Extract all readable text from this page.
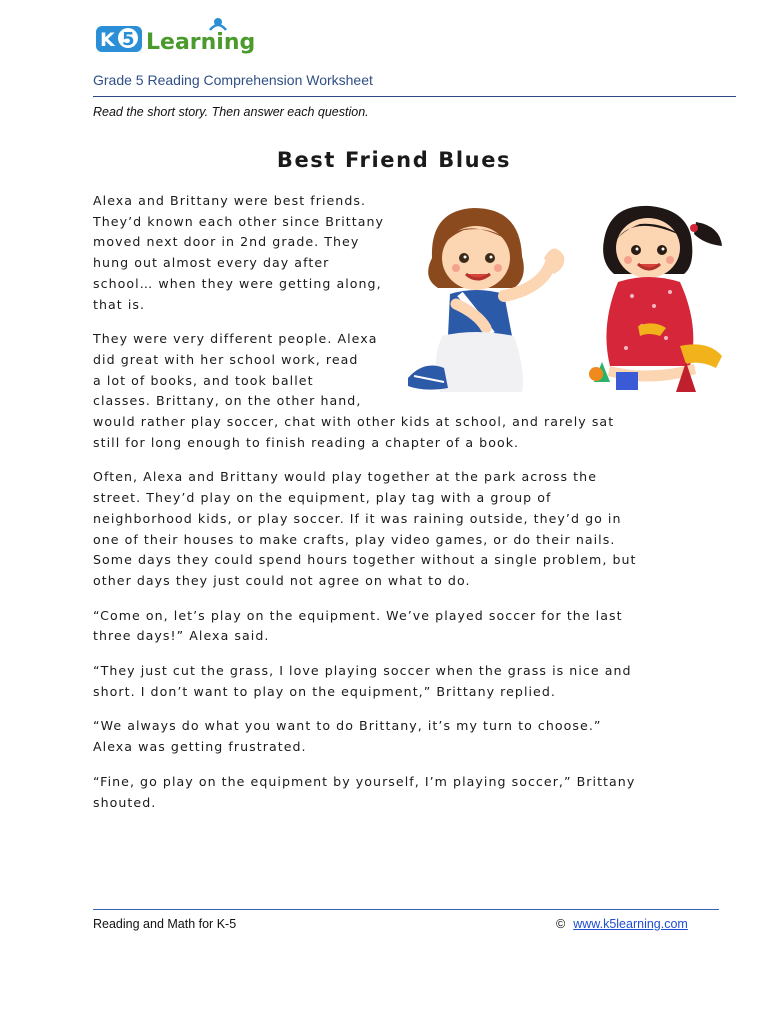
K 5 Learning
Grade 5 Reading Comprehension Worksheet
Read the short story. Then answer each question.
Best Friend Blues

Alexa and Brittany were best friends.
They’d known each other since Brittany
moved next door in 2nd grade. They
hung out almost every day after
school… when they were getting along,
that is.

They were very different people. Alexa
did great with her school work, read
a lot of books, and took ballet
classes. Brittany, on the other hand,
would rather play soccer, chat with other kids at school, and rarely sat
still for long enough to finish reading a chapter of a book.

Often, Alexa and Brittany would play together at the park across the
street. They’d play on the equipment, play tag with a group of
neighborhood kids, or play soccer. If it was raining outside, they’d go in
one of their houses to make crafts, play video games, or do their nails.
Some days they could spend hours together without a single problem, but
other days they just could not agree on what to do.

“Come on, let’s play on the equipment. We’ve played soccer for the last
three days!” Alexa said.

“They just cut the grass, I love playing soccer when the grass is nice and
short. I don’t want to play on the equipment,” Brittany replied.

“We always do what you want to do Brittany, it’s my turn to choose.”
Alexa was getting frustrated.

“Fine, go play on the equipment by yourself, I’m playing soccer,” Brittany
shouted.

Reading and Math for K-5	© www.k5learning.com
